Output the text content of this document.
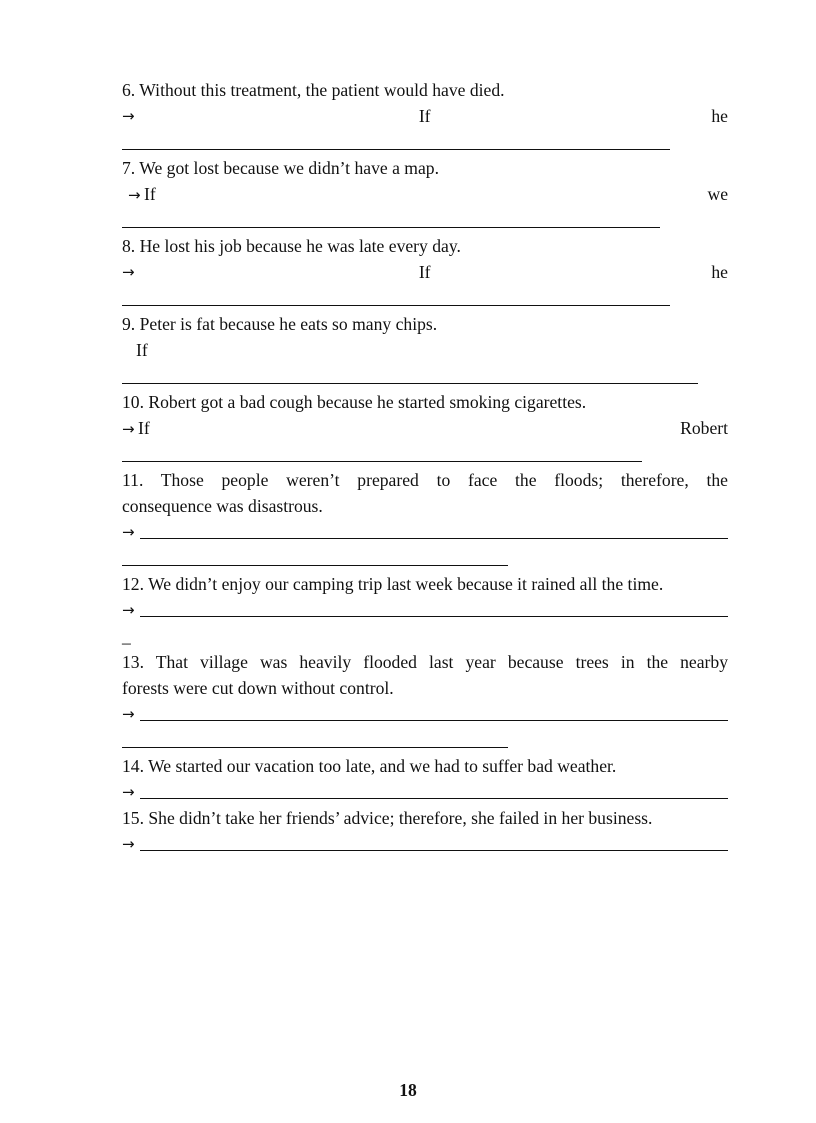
6. Without this treatment, the patient would have died.
→	If	he
7. We got lost because we didn’t have a map.
→ If	we
8. He lost his job because he was late every day.
→	If	he
9. Peter is fat because he eats so many chips.
If
10. Robert got a bad cough because he started smoking cigarettes.
→ If	Robert
11. Those people weren’t prepared to face the floods; therefore, the
consequence was disastrous.
→
12. We didn’t enjoy our camping trip last week because it rained all the time.
→
_
13. That village was heavily flooded last year because trees in the nearby
forests were cut down without control.
→
14. We started our vacation too late, and we had to suffer bad weather.
→
15. She didn’t take her friends’ advice; therefore, she failed in her business.
→
18
